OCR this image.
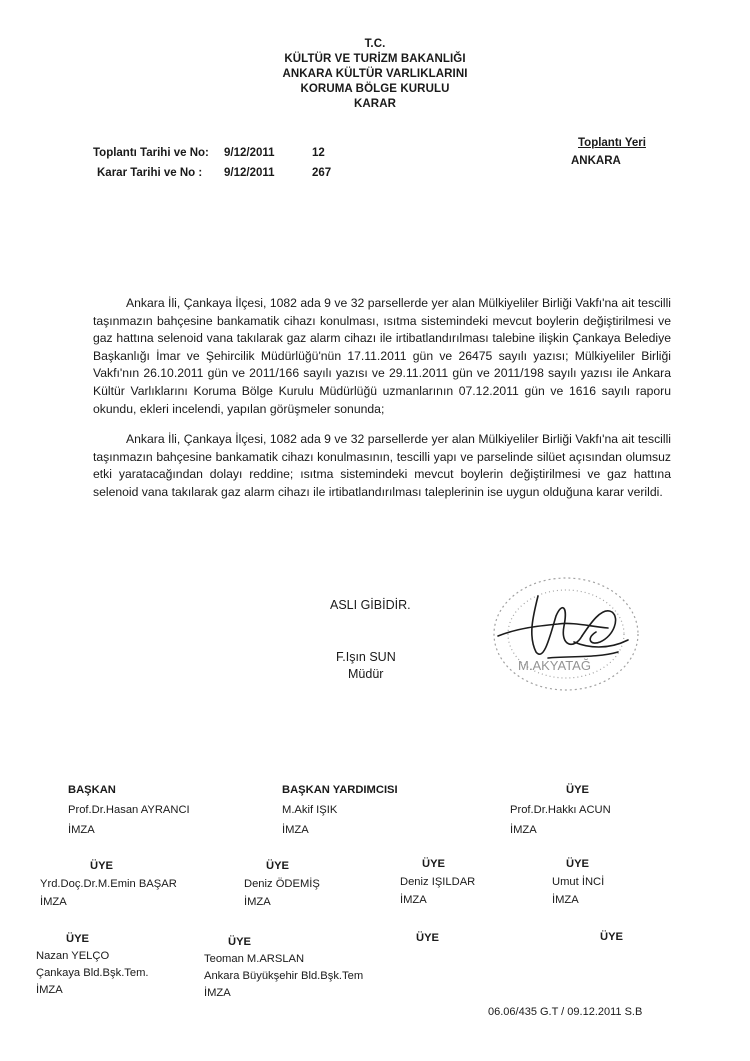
T.C.
KÜLTÜR VE TURİZM BAKANLIĞI
ANKARA KÜLTÜR VARLIKLARINI
KORUMA BÖLGE KURULU
KARAR
Toplantı Tarihi ve No: 9/12/2011	12
Karar Tarihi ve No : 9/12/2011	267
Toplantı Yeri
ANKARA

Ankara İli, Çankaya İlçesi, 1082 ada 9 ve 32 parsellerde yer alan Mülkiyeliler Birliği Vakfı'na ait tescilli taşınmazın bahçesine bankamatik cihazı konulması, ısıtma sistemindeki mevcut boylerin değiştirilmesi ve gaz hattına selenoid vana takılarak gaz alarm cihazı ile irtibatlandırılması talebine ilişkin Çankaya Belediye Başkanlığı İmar ve Şehircilik Müdürlüğü'nün 17.11.2011 gün ve 26475 sayılı yazısı; Mülkiyeliler Birliği Vakfı'nın 26.10.2011 gün ve 2011/166 sayılı yazısı ve 29.11.2011 gün ve 2011/198 sayılı yazısı ile Ankara Kültür Varlıklarını Koruma Bölge Kurulu Müdürlüğü uzmanlarının 07.12.2011 gün ve 1616 sayılı raporu okundu, ekleri incelendi, yapılan görüşmeler sonunda;

Ankara İli, Çankaya İlçesi, 1082 ada 9 ve 32 parsellerde yer alan Mülkiyeliler Birliği Vakfı'na ait tescilli taşınmazın bahçesine bankamatik cihazı konulmasının, tescilli yapı ve parselinde silüet açısından olumsuz etki yaratacağından dolayı reddine; ısıtma sistemindeki mevcut boylerin değiştirilmesi ve gaz hattına selenoid vana takılarak gaz alarm cihazı ile irtibatlandırılması taleplerinin ise uygun olduğuna karar verildi.

ASLI GİBİDİR.
F.Işın SUN
Müdür
M.AKYATAĞ
BAŞKAN
Prof.Dr.Hasan AYRANCI
İMZA
BAŞKAN YARDIMCISI
M.Akif IŞIK
İMZA
ÜYE
Prof.Dr.Hakkı ACUN
İMZA
ÜYE
Yrd.Doç.Dr.M.Emin BAŞAR
İMZA
ÜYE
Deniz ÖDEMİŞ
İMZA
ÜYE
Deniz IŞILDAR
İMZA
ÜYE
Umut İNCİ
İMZA
ÜYE
Nazan YELÇO
Çankaya Bld.Bşk.Tem.
İMZA
ÜYE
Teoman M.ARSLAN
Ankara Büyükşehir Bld.Bşk.Tem
İMZA
ÜYE	ÜYE
06.06/435 G.T / 09.12.2011 S.B
